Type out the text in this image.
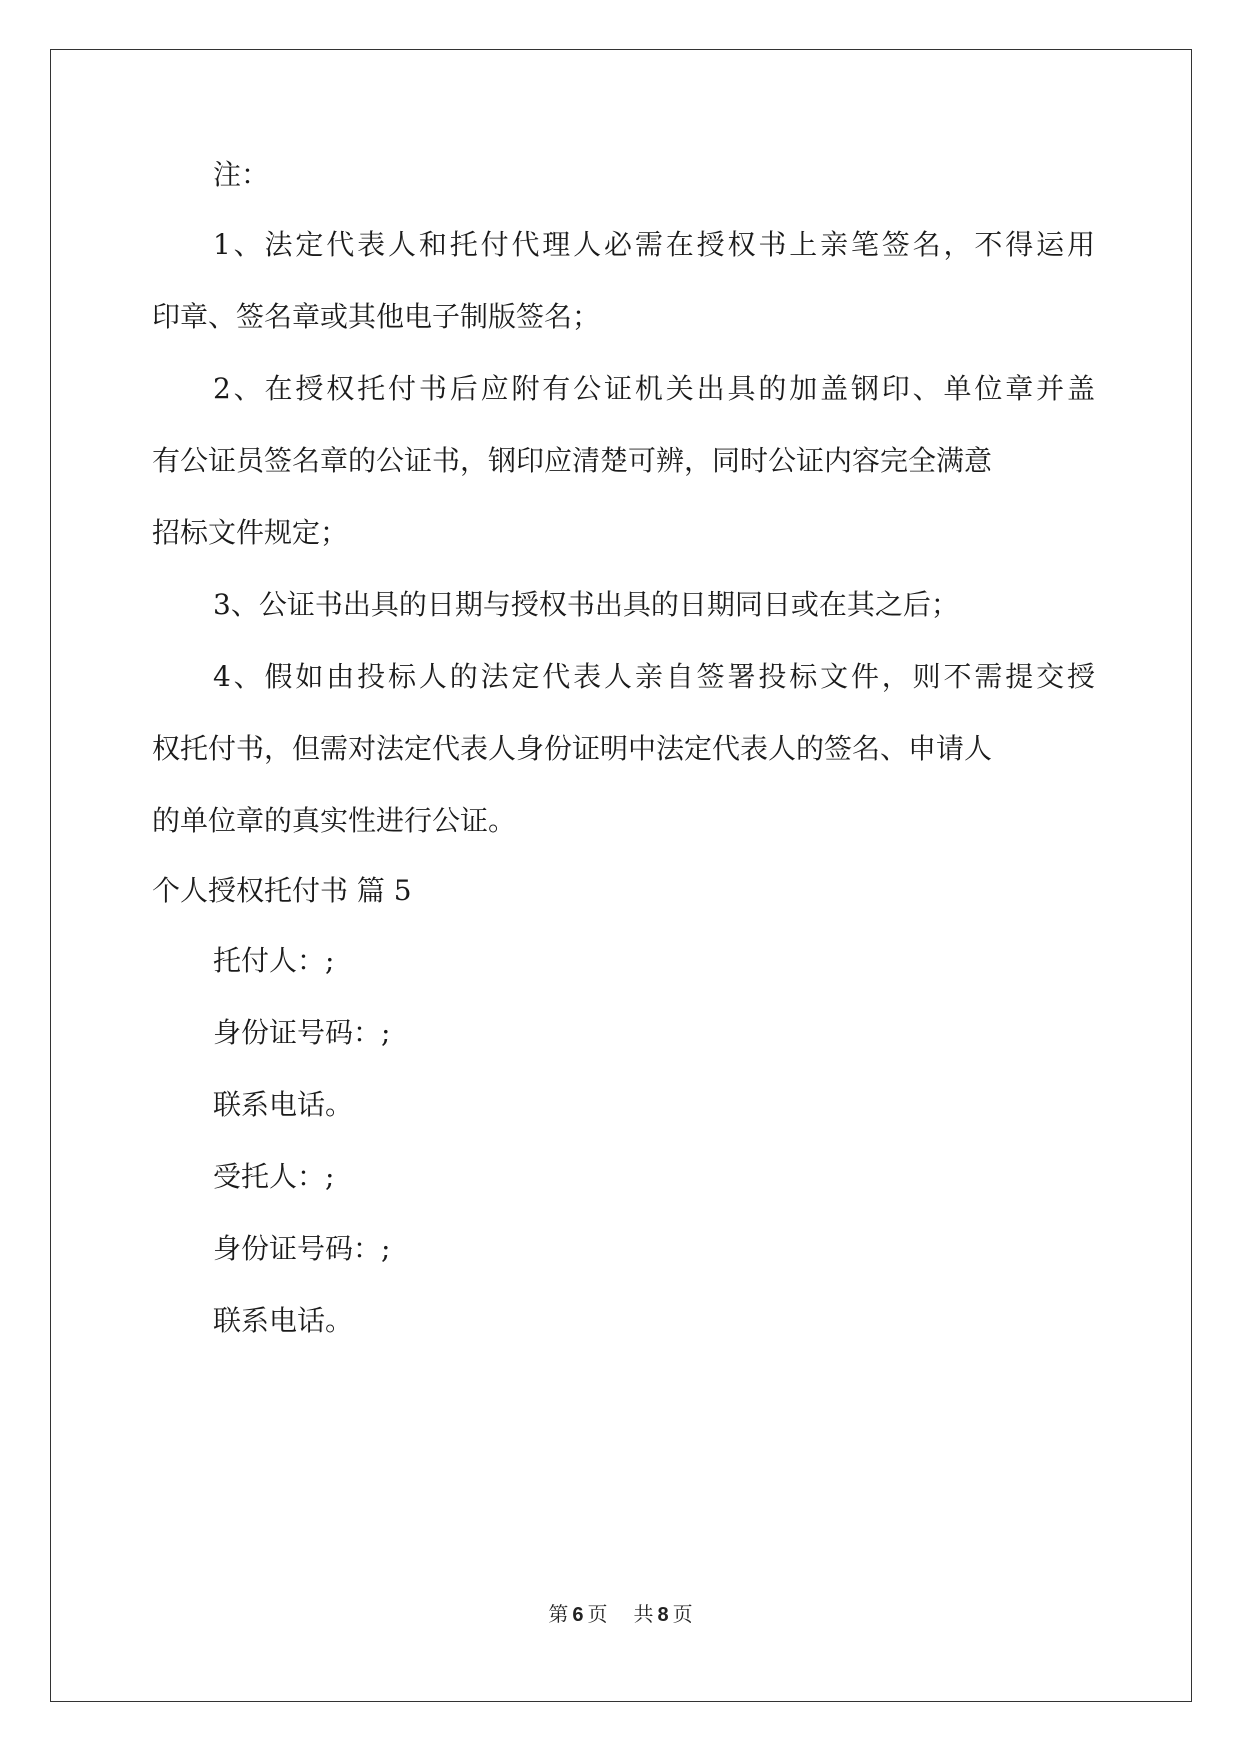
注：
1、法定代表人和托付代理人必需在授权书上亲笔签名，不得运用
印章、签名章或其他电子制版签名；
2、在授权托付书后应附有公证机关出具的加盖钢印、单位章并盖
有公证员签名章的公证书，钢印应清楚可辨，同时公证内容完全满意
招标文件规定；
3、公证书出具的日期与授权书出具的日期同日或在其之后；
4、假如由投标人的法定代表人亲自签署投标文件，则不需提交授
权托付书，但需对法定代表人身份证明中法定代表人的签名、申请人
的单位章的真实性进行公证。
个人授权托付书 篇 5
托付人：;
身份证号码：;
联系电话。
受托人：;
身份证号码：;
联系电话。
第 6 页 共 8 页
